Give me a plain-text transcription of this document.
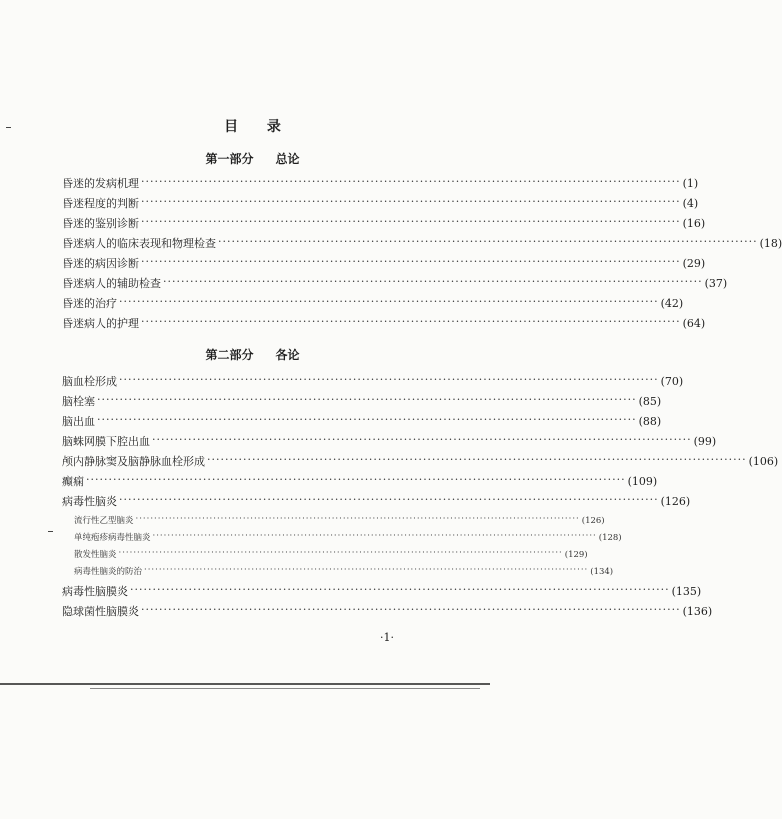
目 录
第一部分 总论
昏迷的发病机理 ························································································································ (1)
昏迷程度的判断 ························································································································ (4)
昏迷的鉴别诊断 ························································································································ (16)
昏迷病人的临床表现和物理检查 ························································································································ (18)
昏迷的病因诊断 ························································································································ (29)
昏迷病人的辅助检查 ························································································································ (37)
昏迷的治疗 ························································································································ (42)
昏迷病人的护理 ························································································································ (64)
第二部分 各论
脑血栓形成 ························································································································ (70)
脑栓塞 ························································································································ (85)
脑出血 ························································································································ (88)
脑蛛网膜下腔出血 ························································································································ (99)
颅内静脉窦及脑静脉血栓形成 ························································································································ (106)
癫痫 ························································································································ (109)
病毒性脑炎 ························································································································ (126)
流行性乙型脑炎 ························································································································ (126)
单纯疱疹病毒性脑炎 ························································································································ (128)
散发性脑炎 ························································································································ (129)
病毒性脑炎的防治 ························································································································ (134)
病毒性脑膜炎 ························································································································ (135)
隐球菌性脑膜炎 ························································································································ (136)
·1·
